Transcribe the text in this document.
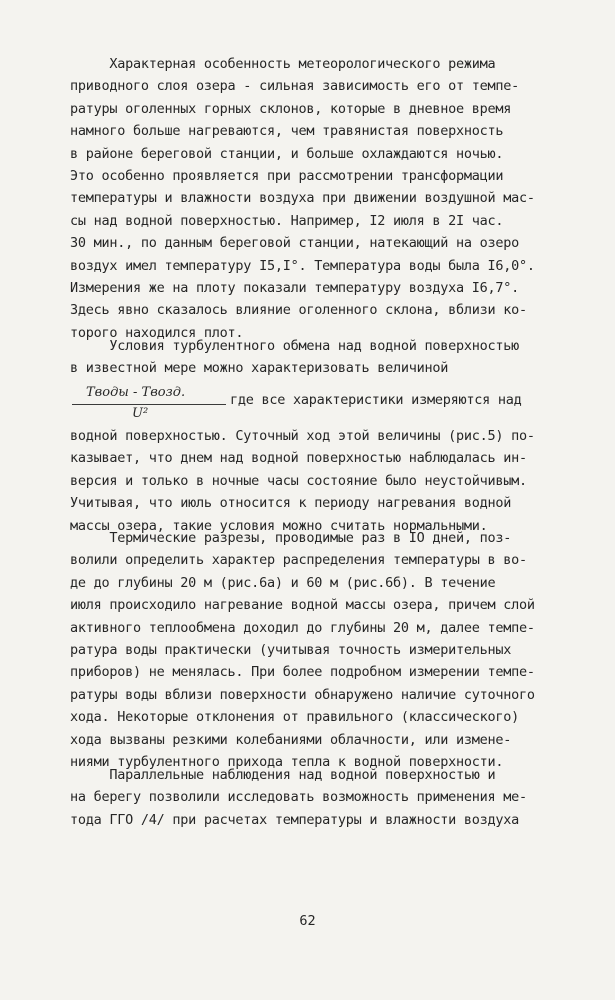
Характерная особенность метеорологического режима
приводного слоя озера - сильная зависимость его от темпе-
ратуры оголенных горных склонов, которые в дневное время
намного больше нагреваются, чем травянистая поверхность
в районе береговой станции, и больше охлаждаются ночью.
Это особенно проявляется при рассмотрении трансформации
температуры и влажности воздуха при движении воздушной мас-
сы над водной поверхностью. Например, I2 июля в 2I час.
30 мин., по данным береговой станции, натекающий на озеро
воздух имел температуру I5,I°. Температура воды была I6,0°.
Измерения же на плоту показали температуру воздуха I6,7°.
Здесь явно сказалось влияние оголенного склона, вблизи ко-
торого находился плот.
Условия турбулентного обмена над водной поверхностью
в известной мере можно характеризовать величиной
Tводы - Tвозд.
U²
где все характеристики измеряются над
водной поверхностью. Суточный ход этой величины (рис.5) по-
казывает, что днем над водной поверхностью наблюдалась ин-
версия и только в ночные часы состояние было неустойчивым.
Учитывая, что июль относится к периоду нагревания водной
массы озера, такие условия можно считать нормальными.
Термические разрезы, проводимые раз в IO дней, поз-
волили определить характер распределения температуры в во-
де до глубины 20 м (рис.6а) и 60 м (рис.6б). В течение
июля происходило нагревание водной массы озера, причем слой
активного теплообмена доходил до глубины 20 м, далее темпе-
ратура воды практически (учитывая точность измерительных
приборов) не менялась. При более подробном измерении темпе-
ратуры воды вблизи поверхности обнаружено наличие суточного
хода. Некоторые отклонения от правильного (классического)
хода вызваны резкими колебаниями облачности, или измене-
ниями турбулентного прихода тепла к водной поверхности.
Параллельные наблюдения над водной поверхностью и
на берегу позволили исследовать возможность применения ме-
тода ГГО /4/ при расчетах температуры и влажности воздуха
62
